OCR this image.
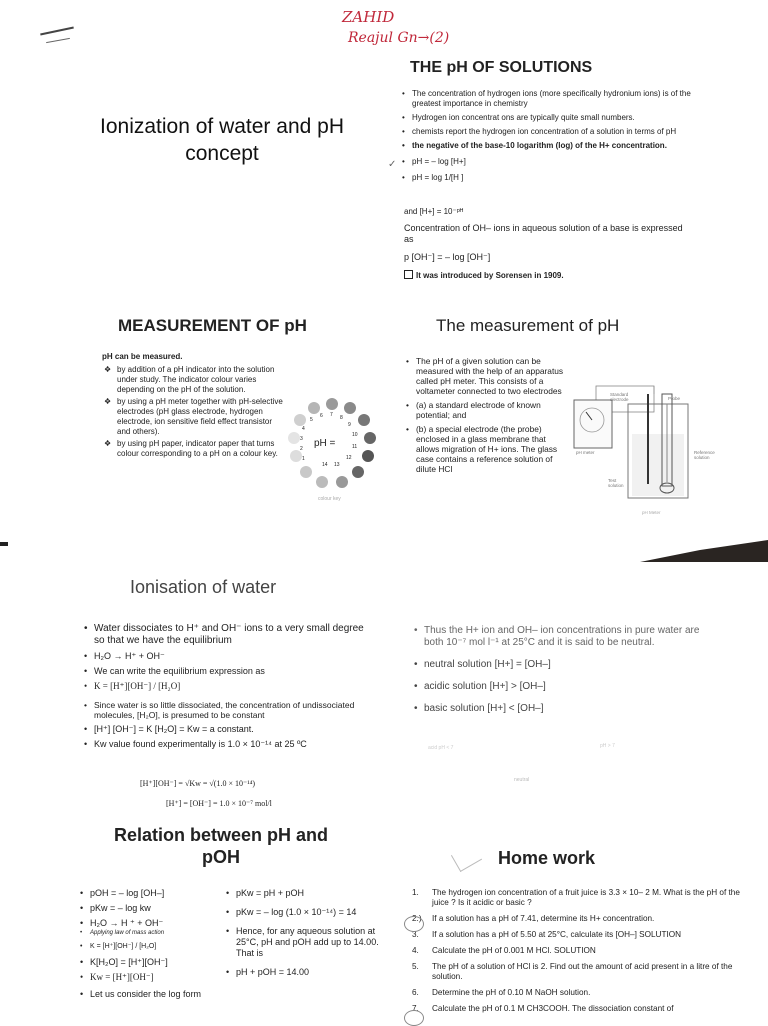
ZAHID
Reajul Gn→(2)
Ionization of water and pH concept
THE pH OF SOLUTIONS
• The concentration of hydrogen ions (more specifically hydronium ions) is of the greatest importance in chemistry
• Hydrogen ion concentrat ons are typically quite small numbers.
• chemists report the hydrogen ion concentration of a solution in terms of pH
• the negative of the base-10 logarithm (log) of the H+ concentration.
• pH = – log [H+]
• pH = log 1/[H ]
and [H+] = 10⁻ᵖᴴ
Concentration of OH– ions in aqueous solution of a base is expressed as
p [OH⁻] = – log [OH⁻]
It was introduced by Sorensen in 1909.
✓
MEASUREMENT OF pH
pH can be measured.
❖ by addition of a pH indicator into the solution under study. The indicator colour varies depending on the pH of the solution.
❖ by using a pH meter together with pH-selective electrodes (pH glass electrode, hydrogen electrode, ion sensitive field effect transistor and others).
❖ by using pH paper, indicator paper that turns colour corresponding to a pH on a colour key.
pH =
1
2
3
4
5
6 7 8
9
10
11
12
13
14
colour key
The measurement of pH
• The pH of a given solution can be measured with the help of an apparatus called pH meter. This consists of a voltameter connected to two electrodes
• (a) a standard electrode of known potential; and
• (b) a special electrode (the probe) enclosed in a glass membrane that allows migration of H+ ions. The glass case contains a reference solution of dilute HCl
Standard electrode	Probe
Reference solution
pH meter
Test solution
pH Meter
Ionisation of water
• Water dissociates to H⁺ and OH⁻ ions to a very small degree so that we have the equilibrium
• H₂O → H⁺ + OH⁻
• We can write the equilibrium expression as
• K = [H⁺][OH⁻] / [H₂O]
• Since water is so little dissociated, the concentration of undissociated molecules, [H₂O], is presumed to be constant
• [H⁺] [OH⁻] = K [H₂O] = Kw = a constant.
• Kw value found experimentally is 1.0 × 10⁻¹⁴ at 25 ºC
[H⁺][OH⁻] = √Kw = √(1.0 × 10⁻¹⁴)
[H⁺] = [OH⁻] = 1.0 × 10⁻⁷ mol/l
• Thus the H+ ion and OH– ion concentrations in pure water are both 10⁻⁷ mol l⁻¹ at 25°C and it is said to be neutral.
• neutral solution [H+] = [OH–]
• acidic solution [H+] > [OH–]
• basic solution [H+] < [OH–]
acid pH < 7	pH > 7
neutral
Relation between pH and pOH
• pOH = – log [OH–]
• pKw = – log kw
• H₂O → H ⁺ + OH⁻
• Applying law of mass action
• K = [H⁺][OH⁻] / [H₂O]
• K[H₂O] = [H⁺][OH⁻]
• Kw = [H⁺][OH⁻]
• Let us consider the log form
• pKw = pH + pOH
• pKw = – log (1.0 × 10⁻¹⁴) = 14
• Hence, for any aqueous solution at 25°C, pH and pOH add up to 14.00. That is
• pH + pOH = 14.00
Home work
1. The hydrogen ion concentration of a fruit juice is 3.3 × 10– 2 M. What is the pH of the juice ? Is it acidic or basic ?
2.) If a solution has a pH of 7.41, determine its H+ concentration.
3. If a solution has a pH of 5.50 at 25°C, calculate its [OH–] SOLUTION
4. Calculate the pH of 0.001 M HCl. SOLUTION
5. The pH of a solution of HCl is 2. Find out the amount of acid present in a litre of the solution.
6. Determine the pH of 0.10 M NaOH solution.
7. Calculate the pH of 0.1 M CH3COOH. The dissociation constant of
